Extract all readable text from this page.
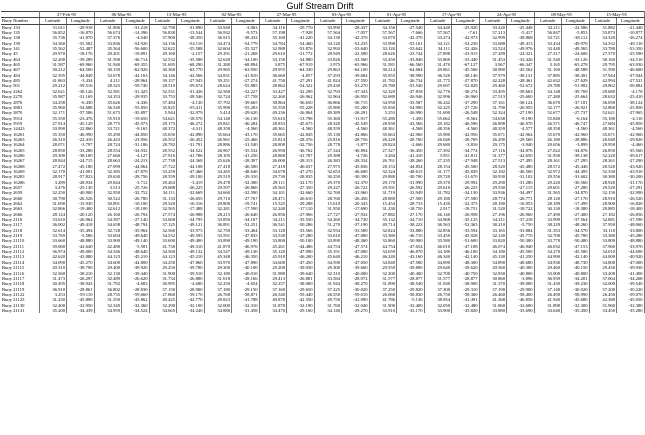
Gulf Stream Drift
	27-Feb-95		06-Mar-95		13-Mar-95		02-Mar-95		27-Mar-95		03-Apr-95		01-Apr-95		17-Apr-95		24-Apr-95		08-May-95		15-May-95	
Buoy Number	Latitude	Longitude	Latitude	Longitude	Latitude	Longitude	Latitude	Longitude	Latitude	Longitude	Latitude	Longitude	Latitude	Longitude	Latitude	Longitude	Latitude	Longitude	Latitude	Longitude	Latitude	Longitude
Buoy 133	31.611	-29.918	31.896	-31.218	32.790	-31.890	33.940	-3.963	34.116	-29.770	33.990	-28.437	34.156	-27.540	34.440	-25.920	33.220	-25.448	32.211	-22.586	31.882	-21.440
Buoy 135	56.852	-16.870	56.674	-14.396	56.838	-13.544	56.932	-9.573	57.198	-7.928	57.564	-7.057	57.567	-7.666	57.567	-7.61	57.213	-5.417	56.847	-5.853	55.873	-10.877
Buoy 138	35.736	-41.870	37.376	-4.540	37.900	-38.350	36.915	-38.432	35.160	-41.220	34.130	-42.370	33.070	-42.370	33.274	-42.973	32.999	-38.868	33.721	-38.112	34.320	-36.274
Buoy 139	34.360	-55.582	33.836	-54.920	34.136	-54.110	34.474	-54.779	34.784	-54.460	34.120	-52.235	33.998	-53.101	34.121	-52.230	33.688	-49.413	33.434	-49.970	34.532	-49.110
Buoy 141	35.562	-52.487	35.564	-56.600	32.622	-55.588	32.604	-55.527	32.988	-53.876	32.992	-53.640	33.120	-53.642	34.111	-52.426	33.524	-49.976	33.440	-49.565	33.780	-53.350
Buoy 45	29.970	-18.176	29.201	-19.891	29.160	-2.157	29.291	-21.268	29.610	-21.772	28.949	-22.580	28.626	-23.744	27.898	-23.915	27.289	-24.321	27.317	-24.606	27.570	-25.590
Buoy 464	32.200	-39.289	31.590	-36.714	32.532	-35.580	32.620	-34.100	33.150	-34.880	33.826	-33.560	33.450	-33.846	33.860	-33.440	31.453	-33.426	31.540	-33.126	30.160	-34.510
Buoy 465	31.587	-69.960	31.940	-69.355	31.695	-68.290	31.280	-68.894	3.875	-67.919	3.975	-65.966	31.581	-66.560	31.470	-67.127	3.967	-66.347	3.165	-65.278	29.795	-63.930
Buoy 467	30.212	-64.500	30.150	-62.926	30.360	-63.770	29.965	-63.950	29.955	-64.330	29.863	-64.100	30.214	-64.684	29.861	-45.566	30.980	-45.562	31.160	-48.588	31.590	-46.600
Buoy 484	32.395	-44.849	33.678	-44.163	34.146	-42.566	34.831	-41.810	36.660	-4.857	37.293	-39.684	35.955	-38.990	36.520	-38.146	37.979	-38.131	37.885	-38.491	37.944	-37.944
Buoy 485	41.863	-3.434	4.211	-28.964	39.157	-27.945	39.251	-27.274	41.750	-27.291	41.824	-27.550	41.782	-26.734	41.775	-27.870	42.228	-28.461	42.632	-27.629	42.994	-27.521
Buoy 501	29.212	-59.516	28.325	-59.740	28.510	-59.674	28.624	-55.885	28.862	-54.322	29.430	-53.270	29.780	-53.540	29.697	-52.829	29.460	-52.672	29.780	-51.982	29.862	-50.882
Buoy 2262	32.621	-30.126	32.581	-31.425	32.531	-31.426	32.560	-32.227	33.427	-32.299	32.793	-37.343	32.320	-37.818	32.770	-38.274	33.495	-39.663	34.148	-39.769	29.680	-4.178
Buoy 2270	35.987	-31.169	34.353	-29.935	33.753	-28.546	32.724	-27.758	32.260	-26.962	32.964	-26.950	32.680	-26.946	32.996	-26.960	27.513	-25.600	27.280	-25.664	28.632	-25.410
Buoy 2876	34.258	-6.430	35.626	-4.436	37.484	-4.130	37.792	-39.665	38.864	-36.650	36.866	-36.715	34.950	-35.587	36.242	-37.290	37.161	-38.124	36.670	-37.181	36.050	-38.124
Buoy 3881	35.960	-54.688	36.540	-55.850	35.825	-55.411	35.990	-55.283	35.550	-55.228	35.980	-55.280	35.830	-54.900	32.225	-27.726	31.790	-26.955	32.177	-26.921	32.860	-25.850
Buoy 3870	32.171	-57.586	51.675	-35.897	5.944	-32.979	5.414	-29.620	49.236	-26.864	49.389	-26.291	5.253	-26.990	51.690	-26.548	52.324	-27.190	52.677	-27.737	52.621	-27.965
Buoy 5914	55.550	-23.476	55.910	-19.650	54.621	-18.570	54.140	-16.130	55.610	-13.798	55.360	-11.917	55.280	-1.450	55.662	-8.562	54.638	-9.190	55.840	-6.164	55.180	-4.110
Buoy 5919	27.914	-45.129	28.775	-45.973	29.175	-46.272	29.841	-46.284	28.833	-45.675	28.320	-45.549	28.930	-43.566	29.182	-46.596	26.898	-46.970	26.571	-46.747	27.684	-45.850
Buoy 14423	33.990	-22.860	33.721	-9.165	48.372	-4.311	48.358	-4.560	48.361	-4.560	48.559	-4.560	48.361	-4.568	48.356	-4.560	48.359	-4.577	48.358	-4.560	48.361	-4.560
Buoy 16261	35.350	-46.990	35.290	-44.850	35.650	-42.890	35.664	-43.170	35.665	-42.845	35.130	-42.866	35.663	-42.960	35.980	-42.956	35.671	-42.964	35.670	-42.960	35.671	-42.960
Buoy 16263	26.310	-22.410	26.443	-23.956	26.552	-26.452	26.961	-25.466	25.814	-28.376	25.816	-28.756	26.220	-28.760	26.040	-28.769	26.290	-29.560	26.180	-28.886	26.040	-29.820
Buoy 16264	28.071	-3.797	28.724	-31.186	28.782	-31.791	28.886	-31.540	28.800	-32.756	28.778	-3.877	28.824	-2.666	29.680	-3.816	29.175	-3.940	29.656	-3.899	29.950	-4.460
Buoy 16265	28.850	-33.280	28.554	-34.932	28.552	-34.522	26.967	-35.532	26.958	-36.762	27.344	-36.894	27.327	-36.450	27.392	-34.774	27.116	-34.876	27.022	-34.876	26.850	-35.560
Buoy 16266	29.300	-38.100	27.660	-4.127	27.916	-41.786	28.105	-41.250	28.868	-41.787	29.388	-4.726	3.284	-41.410	3.951	-41.811	31.377	-42.650	31.930	-39.138	32.220	-39.617
Buoy 16267	28.844	-24.715	28.663	-24.213	27.738	-24.368	25.626	-28.397	26.000	-28.313	26.383	-28.334	26.761	-28.260	27.235	-27.948	27.513	-27.495	28.161	-27.295	28.261	-27.290
Buoy 16268	27.472	-45.180	27.999	-44.064	27.722	-44.108	27.418	-46.500	27.418	-46.037	27.975	-45.836	28.153	-44.854	28.154	-45.500	28.520	-45.480	28.572	-45.446	28.520	-43.920
Buoy 16269	32.170	-41.001	32.385	-47.870	33.259	-47.460	34.265	-48.640	34.678	-47.270	32.653	-46.600	32.324	-48.615	31.177	-45.839	32.182	-46.500	32.972	-44.495	32.330	-43.910
Buoy 16283	28.917	-57.823	29.630	-28.756	28.559	-29.100	29.519	-29.310	29.730	-28.835	30.250	-30.390	29.880	-30.700	29.720	-31.670	30.930	-31.102	29.556	-31.602	30.380	-30.200
Buoy 16286	3.289	-28.934	29.844	-3.712	29.263	-3.419	29.478	-32.300	29.111	-32.170	29.370	-32.370	29.170	-31.990	29.370	-29.992	29.290	-31.280	29.220	-30.560	28.920	-31.170
Buoy 2657	3.476	-25.130	3.513	-25.726	29.688	-26.225	29.597	-26.860	28.565	-27.350	29.227	-26.722	29.591	-26.592	29.610	-26.225	29.530	-27.115	29.601	-27.280	29.520	-27.291
Buoy 2659	32.250	-40.900	32.950	-32.752	34.111	-32.669	34.660	-32.590	34.101	-32.660	32.760	-32.960	31.719	-33.949	31.782	-34.130	33.936	-34.497	31.565	-34.870	32.150	-32.990
Buoy 2660	30.790	-26.526	30.522	-26.780	31.133	-26.655	29.710	-27.767	28.471	-26.610	28.760	-26.456	28.880	-27.500	29.180	-27.500	28.774	-26.771	28.120	-27.170	28.910	-26.520
Buoy 2662	31.690	-15.930	30.891	-10.100	29.520	-16.316	29.800	-19.741	15.525	-29.288	15.610	-20.343	15.454	-28.733	15.430	-22.375	28.180	-16.953	28.189	-17.499	28.900	-16.820
Buoy 2663	32.866	-19.400	32.612	-18.100	32.565	-17.488	32.281	-17.590	32.240	-17.110	31.950	-17.690	31.230	-18.750	2.917	-18.751	31.520	-18.722	30.130	-18.380	29.885	-18.400
Buoy 2666	28.124	-20.120	26.160	-26.794	27.574	-26.988	28.215	-26.640	26.856	-27.966	27.727	-27.932	27.882	-27.170	26.140	-26.958	27.196	-26.960	27.490	-27.400	27.182	-26.856
Buoy 2116	33.610	-26.964	34.587	-27.140	33.668	-34.795	33.850	-34.167	34.211	-35.550	34.260	-34.730	35.132	-34.710	34.968	-35.125	34.211	-37.218	33.999	-37.564	32.881	-37.590
Buoy 2117	36.002	-49.418	34.658	-48.794	37.125	-49.121	36.891	-52.251	36.541	-50.286	51.270	-37.190	49.714	-38.223	36.563	-52.365	38.210	-5.750	38.229	-48.260	37.950	-48.060
Buoy 2118	32.614	-35.494	32.728	-35.964	32.560	-33.975	32.750	-33.464	33.128	-33.566	32.934	-33.580	32.824	-33.880	32.856	-33.594	33.165	-33.884	31.353	-34.570	33.110	-33.800
Buoy 2119	33.769	-5.586	33.694	-49.640	34.532	-49.595	33.591	-47.835	33.530	-47.280	33.610	-47.000	33.380	-46.710	33.450	-45.928	32.140	-45.770	32.700	-45.780	33.380	-45.280
Buoy 21110	33.660	-48.880	33.900	-49.140	33.690	-49.400	33.890	-49.190	33.800	-50.100	33.890	-48.360	33.860	-50.900	33.580	-51.600	33.820	-50.300	33.770	-50.400	33.800	-48.880
Buoy 21111	39.060	-42.640	42.480	-5.581	41.730	-49.310	41.870	-46.976	45.261	-44.486	44.754	-47.574	44.754	-47.654	46.010	-47.108	46.074	-46.940	46.032	-47.153	37.960	-33.970
Buoy 21112	36.974	-49.000	34.546	-48.640	34.560	-49.132	34.547	-49.130	35.120	-47.090	35.191	-47.000	34.659	-46.870	34.180	-46.100	34.180	-45.500	34.270	-45.580	34.010	-44.690
Buoy 21113	42.620	-43.880	44.123	-45.210	44.123	-45.210	45.348	-46.350	45.910	-46.200	45.640	-46.210	46.240	-43.160	46.340	-42.140	45.130	-41.250	44.990	-42.140	44.000	-40.920
Buoy 21114	34.090	-45.270	34.600	-44.800	34.250	-47.860	33.970	-47.890	34.600	-47.450	34.590	-47.050	34.840	-47.580	34.890	-48.300	34.890	-48.680	34.930	-48.730	34.800	-47.000
Buoy 21115	29.310	-38.790	29.400	-39.920	29.250	-39.780	29.300	-40.100	29.200	-39.930	29.300	-39.660	29.550	-39.800	29.640	-39.620	29.560	-40.300	29.460	-40.150	29.430	-39.930
Buoy 21116	32.560	-38.210	32.130	-39.440	31.900	-39.510	32.180	-40.010	31.980	-39.640	32.310	-40.000	32.300	-40.400	32.700	-40.750	32.830	-40.800	33.000	-40.800	33.200	-41.400
Buoy 21117	31.473	-26.297	32.489	-26.620	31.734	-26.880	31.618	-28.166	29.413	-26.881	33.584	-28.972	31.577	-28.877	31.577	-28.877	30.860	-3.896	36.939	-34.201	37.064	-34.268
Buoy 21118	30.495	-38.943	31.792	-4.683	30.995	-4.680	32.250	-4.654	32.257	-38.000	31.944	-38.270	31.890	-38.540	31.940	-38.900	31.370	-39.000	31.430	-39.230	32.000	-39.540
Buoy 21119	36.910	-28.861	36.802	-28.830	37.150	-28.900	37.180	-29.150	37.160	-29.650	37.225	-30.020	37.250	-29.820	37.300	-29.310	37.190	-29.900	37.140	-30.020	37.200	-30.220
Buoy 21122	3.253	-59.110	28.735	-59.660	27.860	-59.170	26.768	-58.871	26.540	-59.440	26.550	-59.010	26.060	-58.830	26.750	-58.360	26.460	-58.400	26.490	-58.990	26.450	-59.070
Buoy 21125	31.250	-45.890	31.550	-43.862	49.425	-42.770	49.823	-41.788	49.870	-42.550	49.750	-41.990	41.786	-5.136	38.954	-41.491	41.368	-46.856	41.940	-45.680	42.380	-45.050
Buoy 21130	32.400	-32.950	32.340	-32.360	32.290	-32.100	32.000	-32.310	31.870	-32.190	31.760	-32.040	31.900	-32.400	32.050	-32.480	31.860	-32.600	31.890	-32.300	31.960	-32.380
Buoy 21131	35.200	-34.439	34.959	-34.524	34.665	-34.240	34.880	-31.458	34.470	-29.160	34.140	-29.270	33.910	-35.170	33.900	-35.820	33.880	-35.690	33.640	-35.450	33.450	-35.280
